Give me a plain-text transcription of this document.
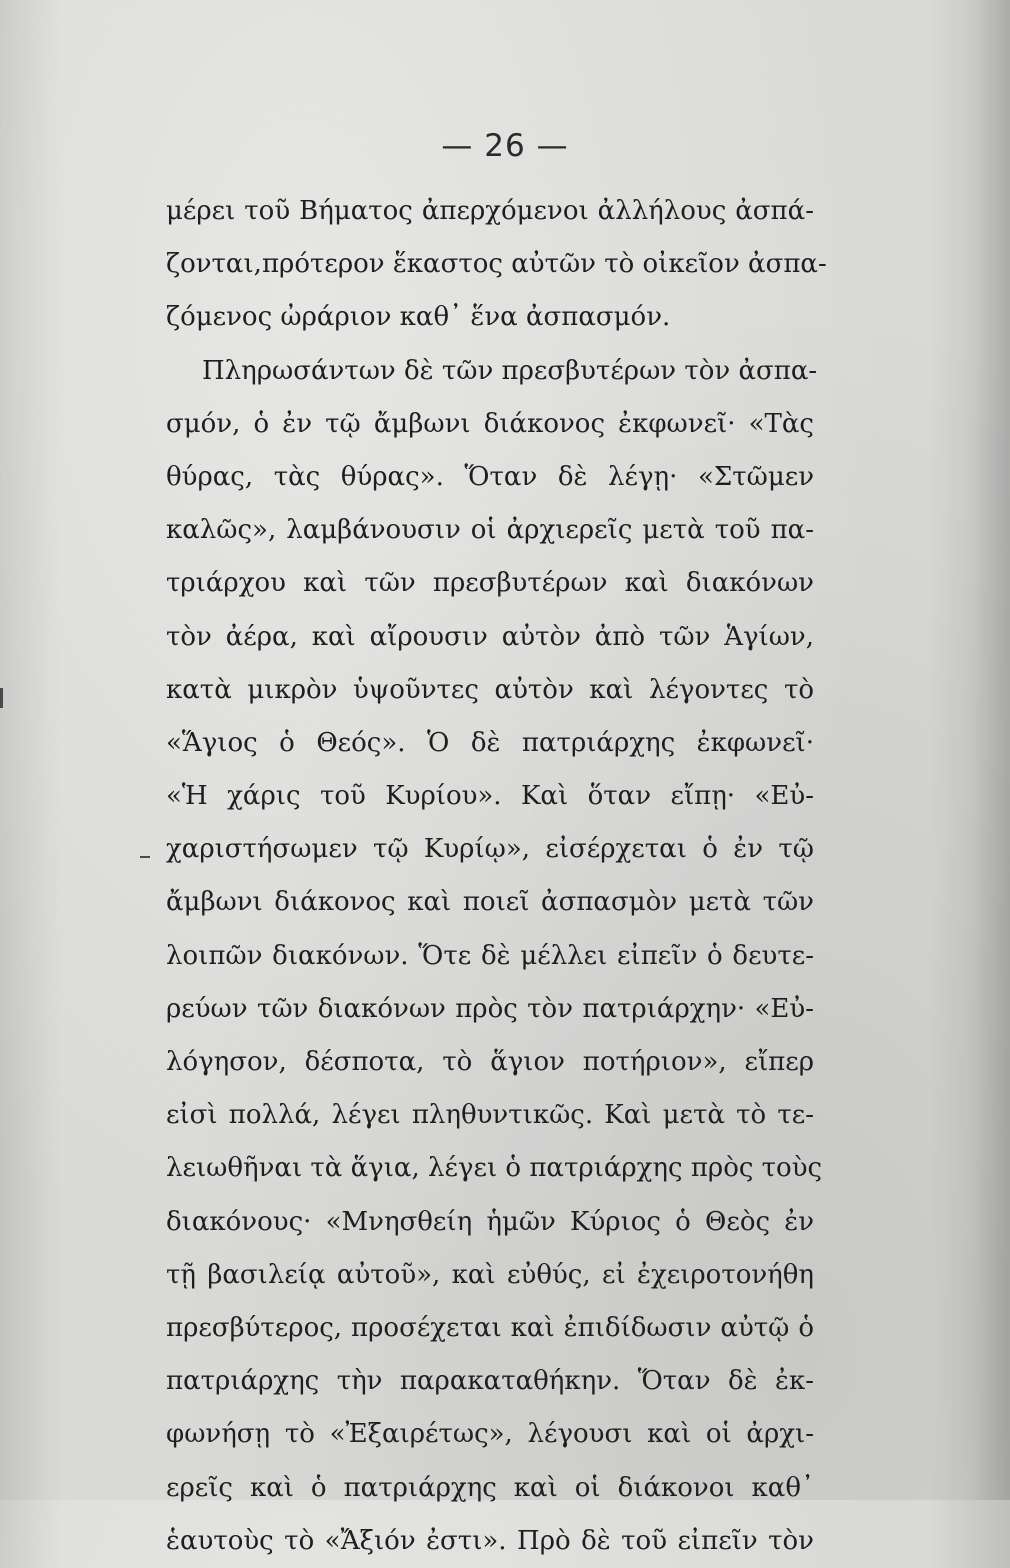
— 26 —
μέρει τοῦ Βήματος ἀπερχόμενοι ἀλλήλους ἀσπά-
ζονται,πρότερον ἕκαστος αὐτῶν τὸ οἰκεῖον ἀσπα-
ζόμενος ὠράριον καθ᾽ ἕνα ἀσπασμόν.
Πληρωσάντων δὲ τῶν πρεσβυτέρων τὸν ἀσπα-
σμόν, ὁ ἐν τῷ ἄμβωνι διάκονος ἐκφωνεῖ· «Τὰς
θύρας, τὰς θύρας». Ὅταν δὲ λέγῃ· «Στῶμεν
καλῶς», λαμβάνουσιν οἱ ἀρχιερεῖς μετὰ τοῦ πα-
τριάρχου καὶ τῶν πρεσβυτέρων καὶ διακόνων
τὸν ἀέρα, καὶ αἴρουσιν αὐτὸν ἀπὸ τῶν Ἁγίων,
κατὰ μικρὸν ὑψοῦντες αὐτὸν καὶ λέγοντες τὸ
«Ἅγιος ὁ Θεός». Ὁ δὲ πατριάρχης ἐκφωνεῖ·
«Ἡ χάρις τοῦ Κυρίου». Καὶ ὅταν εἴπῃ· «Εὐ-
χαριστήσωμεν τῷ Κυρίῳ», εἰσέρχεται ὁ ἐν τῷ
ἄμβωνι διάκονος καὶ ποιεῖ ἀσπασμὸν μετὰ τῶν
λοιπῶν διακόνων. Ὅτε δὲ μέλλει εἰπεῖν ὁ δευτε-
ρεύων τῶν διακόνων πρὸς τὸν πατριάρχην· «Εὐ-
λόγησον, δέσποτα, τὸ ἅγιον ποτήριον», εἴπερ
εἰσὶ πολλά, λέγει πληθυντικῶς. Καὶ μετὰ τὸ τε-
λειωθῆναι τὰ ἅγια, λέγει ὁ πατριάρχης πρὸς τοὺς
διακόνους· «Μνησθείη ἡμῶν Κύριος ὁ Θεὸς ἐν
τῇ βασιλείᾳ αὐτοῦ», καὶ εὐθύς, εἰ ἐχειροτονήθη
πρεσβύτερος, προσέχεται καὶ ἐπιδίδωσιν αὐτῷ ὁ
πατριάρχης τὴν παρακαταθήκην. Ὅταν δὲ ἐκ-
φωνήσῃ τὸ «Ἐξαιρέτως», λέγουσι καὶ οἱ ἀρχι-
ερεῖς καὶ ὁ πατριάρχης καὶ οἱ διάκονοι καθ᾽
ἑαυτοὺς τὸ «Ἄξιόν ἐστι». Πρὸ δὲ τοῦ εἰπεῖν τὸν
